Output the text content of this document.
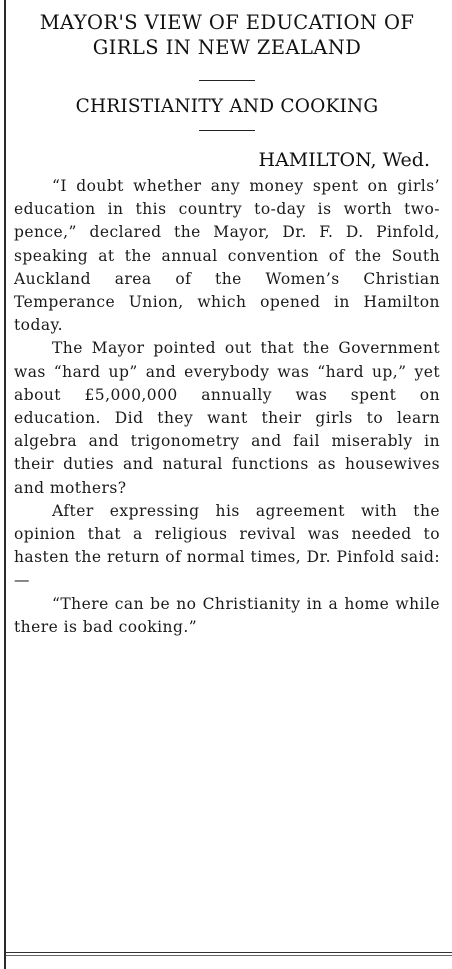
MAYOR'S VIEW OF EDUCATION OF GIRLS IN NEW ZEALAND
CHRISTIANITY AND COOKING

HAMILTON, Wed.

“I doubt whether any money spent on girls’ education in this country to-day is worth two-pence,” declared the Mayor, Dr. F. D. Pinfold, speaking at the annual convention of the South Auckland area of the Women’s Christian Temperance Union, which opened in Hamilton today.

The Mayor pointed out that the Government was “hard up” and everybody was “hard up,” yet about £5,000,000 annually was spent on education. Did they want their girls to learn algebra and trigonometry and fail miserably in their duties and natural functions as housewives and mothers?

After expressing his agreement with the opinion that a religious revival was needed to hasten the return of normal times, Dr. Pinfold said:—

“There can be no Christianity in a home while there is bad cooking.”
